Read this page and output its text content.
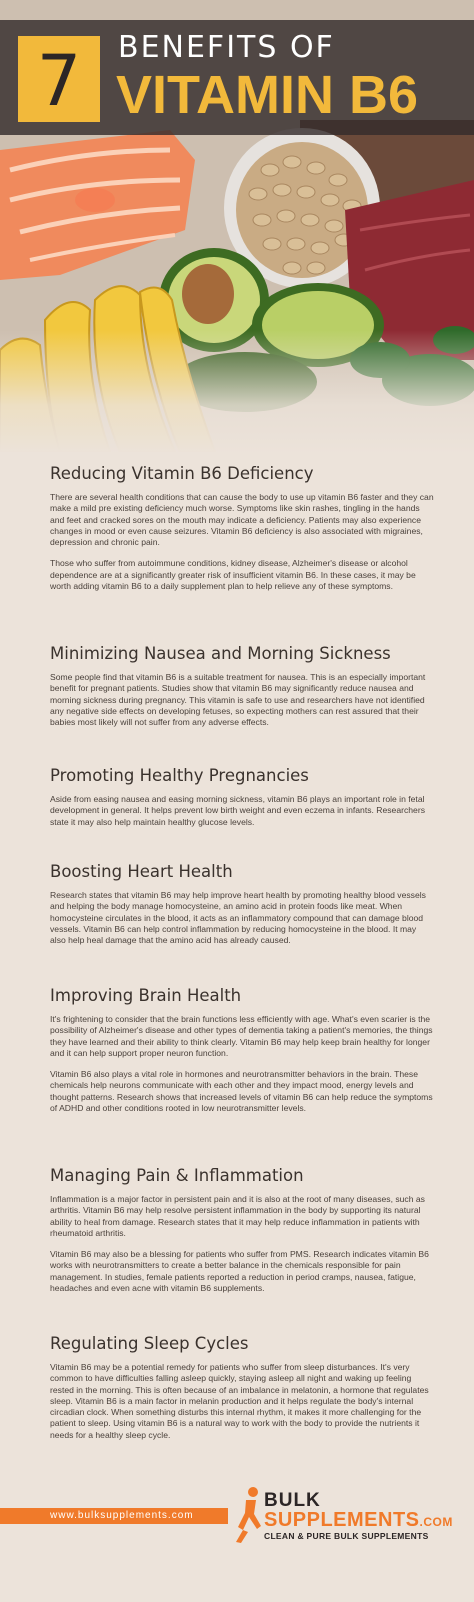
7	BENEFITS OF
VITAMIN B6
Reducing Vitamin B6 Deficiency

There are several health conditions that can cause the body to use up vitamin B6 faster and they can make a mild pre existing deficiency much worse. Symptoms like skin rashes, tingling in the hands and feet and cracked sores on the mouth may indicate a deficiency. Patients may also experience changes in mood or even cause seizures. Vitamin B6 deficiency is also associated with migraines, depression and chronic pain.

Those who suffer from autoimmune conditions, kidney disease, Alzheimer's disease or alcohol dependence are at a significantly greater risk of insufficient vitamin B6. In these cases, it may be worth adding vitamin B6 to a daily supplement plan to help relieve any of these symptoms.

Minimizing Nausea and Morning Sickness

Some people find that vitamin B6 is a suitable treatment for nausea. This is an especially important benefit for pregnant patients. Studies show that vitamin B6 may significantly reduce nausea and morning sickness during pregnancy. This vitamin is safe to use and researchers have not identified any negative side effects on developing fetuses, so expecting mothers can rest assured that their babies most likely will not suffer from any adverse effects.

Promoting Healthy Pregnancies

Aside from easing nausea and easing morning sickness, vitamin B6 plays an important role in fetal development in general. It helps prevent low birth weight and even eczema in infants. Researchers state it may also help maintain healthy glucose levels.

Boosting Heart Health

Research states that vitamin B6 may help improve heart health by promoting healthy blood vessels and helping the body manage homocysteine, an amino acid in protein foods like meat. When homocysteine circulates in the blood, it acts as an inflammatory compound that can damage blood vessels. Vitamin B6 can help control inflammation by reducing homocysteine in the blood. It may also help heal damage that the amino acid has already caused.

Improving Brain Health

It's frightening to consider that the brain functions less efficiently with age. What's even scarier is the possibility of Alzheimer's disease and other types of dementia taking a patient's memories, the things they have learned and their ability to think clearly. Vitamin B6 may help keep brain healthy for longer and it can help support proper neuron function.

Vitamin B6 also plays a vital role in hormones and neurotransmitter behaviors in the brain. These chemicals help neurons communicate with each other and they impact mood, energy levels and thought patterns. Research shows that increased levels of vitamin B6 can help reduce the symptoms of ADHD and other conditions rooted in low neurotransmitter levels.

Managing Pain & Inflammation

Inflammation is a major factor in persistent pain and it is also at the root of many diseases, such as arthritis. Vitamin B6 may help resolve persistent inflammation in the body by supporting its natural ability to heal from damage. Research states that it may help reduce inflammation in patients with rheumatoid arthritis.

Vitamin B6 may also be a blessing for patients who suffer from PMS. Research indicates vitamin B6 works with neurotransmitters to create a better balance in the chemicals responsible for pain management. In studies, female patients reported a reduction in period cramps, nausea, fatigue, headaches and even acne with vitamin B6 supplements.

Regulating Sleep Cycles

Vitamin B6 may be a potential remedy for patients who suffer from sleep disturbances. It's very common to have difficulties falling asleep quickly, staying asleep all night and waking up feeling rested in the morning. This is often because of an imbalance in melatonin, a hormone that regulates sleep. Vitamin B6 is a main factor in melanin production and it helps regulate the body's internal circadian clock. When something disturbs this internal rhythm, it makes it more challenging for the patient to sleep. Using vitamin B6 is a natural way to work with the body to provide the nutrients it needs for a healthy sleep cycle.

www.bulksupplements.com
BULK
SUPPLEMENTS.COM
CLEAN & PURE BULK SUPPLEMENTS
